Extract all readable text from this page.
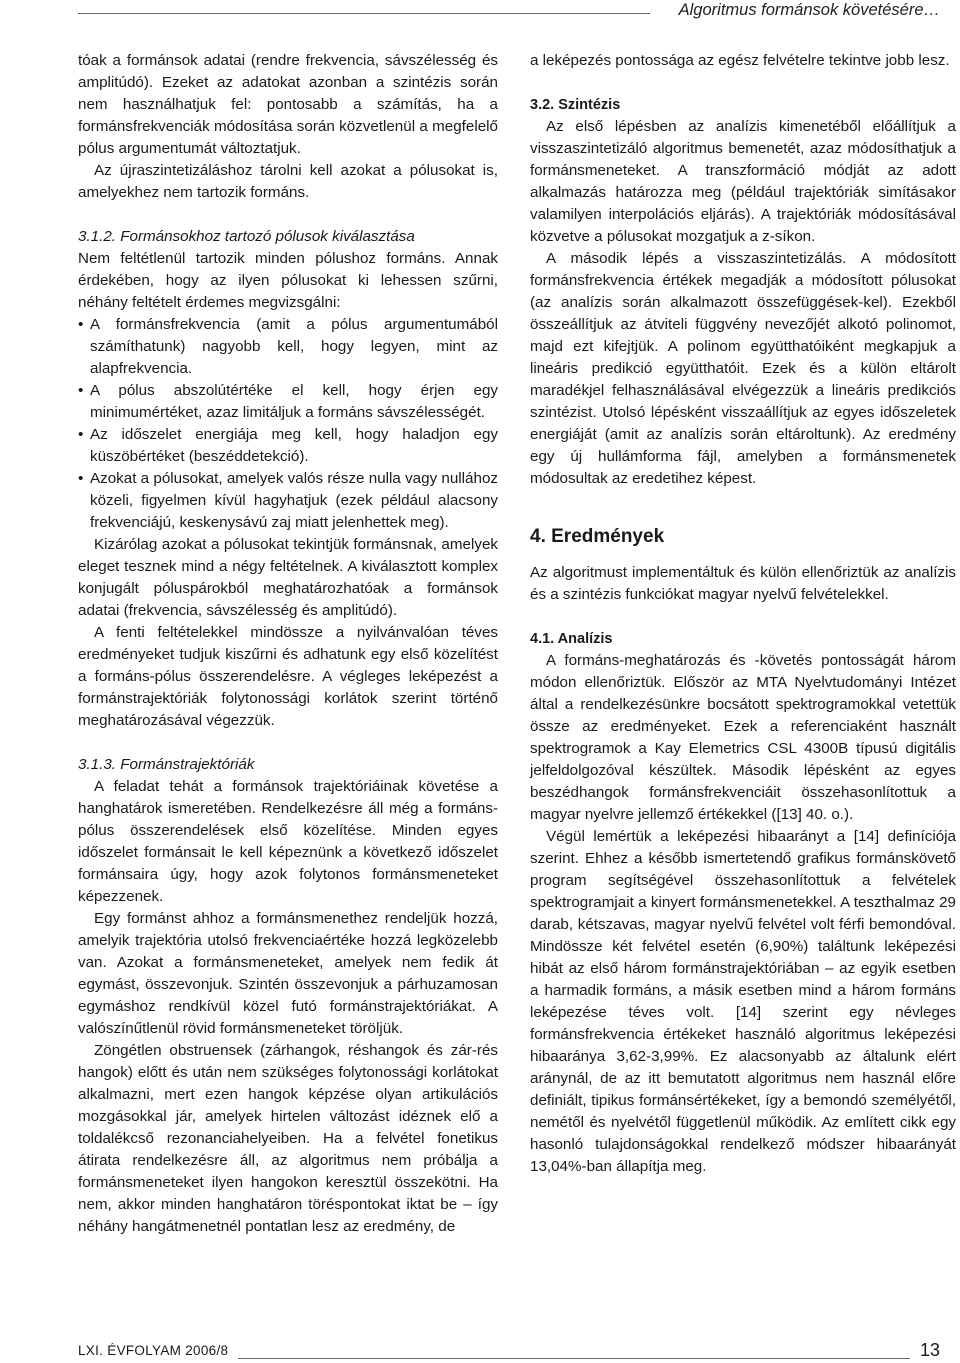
Algoritmus formánsok követésére…

tóak a formánsok adatai (rendre frekvencia, sávszélesség és amplitúdó). Ezeket az adatokat azonban a szintézis során nem használhatjuk fel: pontosabb a számítás, ha a formánsfrekvenciák módosítása során közvetlenül a megfelelő pólus argumentumát változtatjuk.

Az újraszintetizáláshoz tárolni kell azokat a pólusokat is, amelyekhez nem tartozik formáns.

3.1.2. Formánsokhoz tartozó pólusok kiválasztása

Nem feltétlenül tartozik minden pólushoz formáns. Annak érdekében, hogy az ilyen pólusokat ki lehessen szűrni, néhány feltételt érdemes megvizsgálni:

• A formánsfrekvencia (amit a pólus argumentumából számíthatunk) nagyobb kell, hogy legyen, mint az alapfrekvencia.
• A pólus abszolútértéke el kell, hogy érjen egy minimumértéket, azaz limitáljuk a formáns sávszélességét.
• Az időszelet energiája meg kell, hogy haladjon egy küszöbértéket (beszéddetekció).
• Azokat a pólusokat, amelyek valós része nulla vagy nullához közeli, figyelmen kívül hagyhatjuk (ezek például alacsony frekvenciájú, keskenysávú zaj miatt jelenhettek meg).

Kizárólag azokat a pólusokat tekintjük formánsnak, amelyek eleget tesznek mind a négy feltételnek. A kiválasztott komplex konjugált póluspárokból meghatározhatóak a formánsok adatai (frekvencia, sávszélesség és amplitúdó).

A fenti feltételekkel mindössze a nyilvánvalóan téves eredményeket tudjuk kiszűrni és adhatunk egy első közelítést a formáns-pólus összerendelésre. A végleges leképezést a formánstrajektóriák folytonossági korlátok szerint történő meghatározásával végezzük.

3.1.3. Formánstrajektóriák

A feladat tehát a formánsok trajektóriáinak követése a hanghatárok ismeretében. Rendelkezésre áll még a formáns-pólus összerendelések első közelítése. Minden egyes időszelet formánsait le kell képeznünk a következő időszelet formánsaira úgy, hogy azok folytonos formánsmeneteket képezzenek.

Egy formánst ahhoz a formánsmenethez rendeljük hozzá, amelyik trajektória utolsó frekvenciaértéke hozzá legközelebb van. Azokat a formánsmeneteket, amelyek nem fedik át egymást, összevonjuk. Szintén összevonjuk a párhuzamosan egymáshoz rendkívül közel futó formánstrajektóriákat. A valószínűtlenül rövid formánsmeneteket töröljük.

Zöngétlen obstruensek (zárhangok, réshangok és zár-rés hangok) előtt és után nem szükséges folytonossági korlátokat alkalmazni, mert ezen hangok képzése olyan artikulációs mozgásokkal jár, amelyek hirtelen változást idéznek elő a toldalékcső rezonanciahelyeiben. Ha a felvétel fonetikus átirata rendelkezésre áll, az algoritmus nem próbálja a formánsmeneteket ilyen hangokon keresztül összekötni. Ha nem, akkor minden hanghatáron töréspontokat iktat be – így néhány hangátmenetnél pontatlan lesz az eredmény, de

a leképezés pontossága az egész felvételre tekintve jobb lesz.

3.2. Szintézis

Az első lépésben az analízis kimenetéből előállítjuk a visszaszintetizáló algoritmus bemenetét, azaz módosíthatjuk a formánsmeneteket. A transzformáció módját az adott alkalmazás határozza meg (például trajektóriák simításakor valamilyen interpolációs eljárás). A trajektóriák módosításával közvetve a pólusokat mozgatjuk a z-síkon.

A második lépés a visszaszintetizálás. A módosított formánsfrekvencia értékek megadják a módosított pólusokat (az analízis során alkalmazott összefüggések-kel). Ezekből összeállítjuk az átviteli függvény nevezőjét alkotó polinomot, majd ezt kifejtjük. A polinom együtthatóiként megkapjuk a lineáris predikció együtthatóit. Ezek és a külön eltárolt maradékjel felhasználásával elvégezzük a lineáris predikciós szintézist. Utolsó lépésként visszaállítjuk az egyes időszeletek energiáját (amit az analízis során eltároltunk). Az eredmény egy új hullámforma fájl, amelyben a formánsmenetek módosultak az eredetihez képest.

4. Eredmények

Az algoritmust implementáltuk és külön ellenőriztük az analízis és a szintézis funkciókat magyar nyelvű felvételekkel.

4.1. Analízis

A formáns-meghatározás és -követés pontosságát három módon ellenőriztük. Először az MTA Nyelvtudományi Intézet által a rendelkezésünkre bocsátott spektrogramokkal vetettük össze az eredményeket. Ezek a referenciaként használt spektrogramok a Kay Elemetrics CSL 4300B típusú digitális jelfeldolgozóval készültek. Második lépésként az egyes beszédhangok formánsfrekvenciáit összehasonlítottuk a magyar nyelvre jellemző értékekkel ([13] 40. o.).

Végül lemértük a leképezési hibaarányt a [14] definíciója szerint. Ehhez a később ismertetendő grafikus formánskövető program segítségével összehasonlítottuk a felvételek spektrogramjait a kinyert formánsmenetekkel. A teszthalmaz 29 darab, kétszavas, magyar nyelvű felvétel volt férfi bemondóval. Mindössze két felvétel esetén (6,90%) találtunk leképezési hibát az első három formánstrajektóriában – az egyik esetben a harmadik formáns, a másik esetben mind a három formáns leképezése téves volt. [14] szerint egy névleges formánsfrekvencia értékeket használó algoritmus leképezési hibaaránya 3,62-3,99%. Ez alacsonyabb az általunk elért aránynál, de az itt bemutatott algoritmus nem használ előre definiált, tipikus formánsértékeket, így a bemondó személyétől, nemétől és nyelvétől függetlenül működik. Az említett cikk egy hasonló tulajdonságokkal rendelkező módszer hibaarányát 13,04%-ban állapítja meg.

LXI. ÉVFOLYAM 2006/8	13
